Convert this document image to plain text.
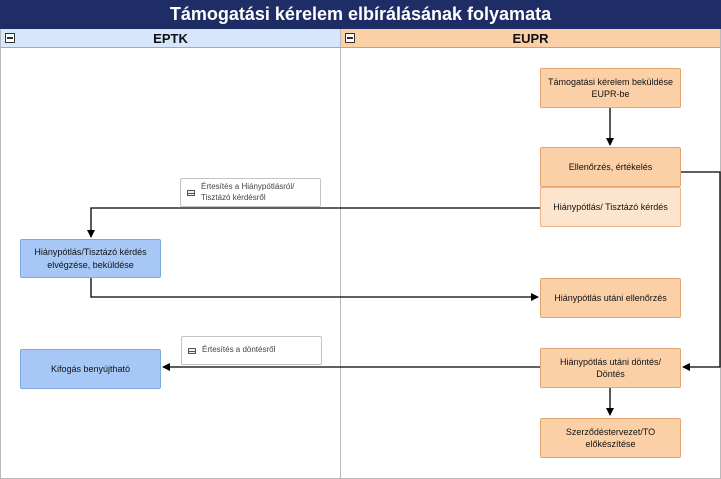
Támogatási kérelem elbírálásának folyamata
EPTK	EUPR
Támogatási kérelem beküldése EUPR-be
Ellenőrzés, értékelés
Hiánypótlás/ Tisztázó kérdés
Hiánypótlás utáni ellenőrzés
Hiánypótlás utáni döntés/ Döntés
Szerződéstervezet/TO előkészítése
Hiánypótlás/Tisztázó kérdés elvégzése, beküldése
Kifogás benyújtható
Értesítés a Hiánypótlásról/ Tisztázó kérdésről
Értesítés a döntésről
